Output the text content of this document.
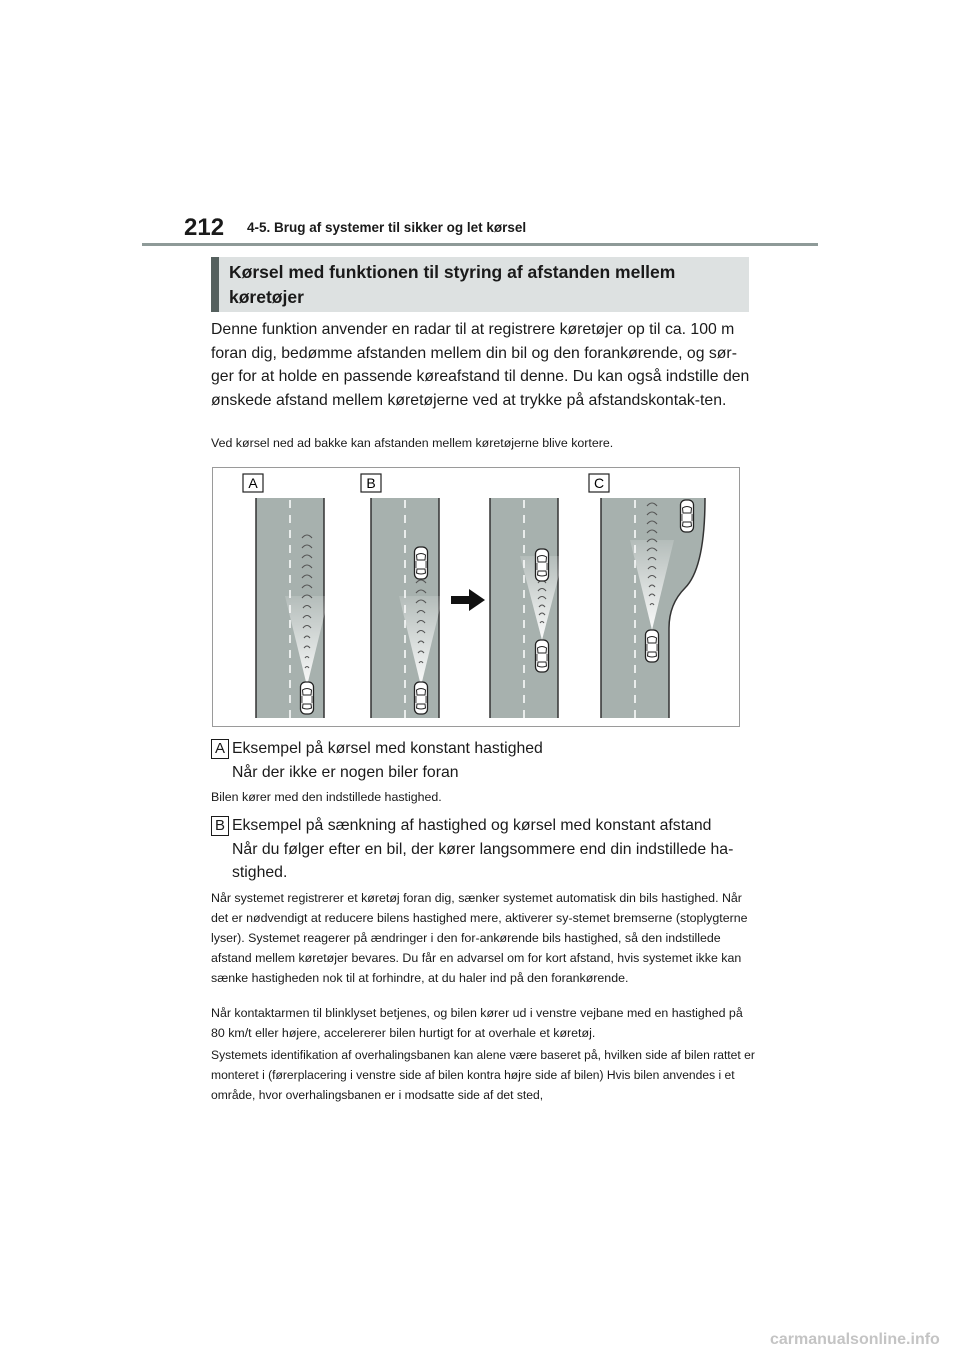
212 4-5. Brug af systemer til sikker og let kørsel
Kørsel med funktionen til styring af afstanden mellem
køretøjer

Denne funktion anvender en radar til at registrere køretøjer op til ca. 100 m foran dig, bedømme afstanden mellem din bil og den forankørende, og sør-ger for at holde en passende køreafstand til denne. Du kan også indstille den ønskede afstand mellem køretøjerne ved at trykke på afstandskontak-ten.

Ved kørsel ned ad bakke kan afstanden mellem køretøjerne blive kortere.

A	B	C
A Eksempel på kørsel med konstant hastighed
Når der ikke er nogen biler foran

Bilen kører med den indstillede hastighed.

B Eksempel på sænkning af hastighed og kørsel med konstant afstand

Når du følger efter en bil, der kører langsommere end din indstillede ha-stighed.

Når systemet registrerer et køretøj foran dig, sænker systemet automatisk din bils hastighed. Når det er nødvendigt at reducere bilens hastighed mere, aktiverer sy-stemet bremserne (stoplygterne lyser). Systemet reagerer på ændringer i den for-ankørende bils hastighed, så den indstillede afstand mellem køretøjer bevares. Du får en advarsel om for kort afstand, hvis systemet ikke kan sænke hastigheden nok til at forhindre, at du haler ind på den forankørende.

Når kontaktarmen til blinklyset betjenes, og bilen kører ud i venstre vejbane med en hastighed på 80 km/t eller højere, accelererer bilen hurtigt for at overhale et køretøj.

Systemets identifikation af overhalingsbanen kan alene være baseret på, hvilken side af bilen rattet er monteret i (førerplacering i venstre side af bilen kontra højre side af bilen) Hvis bilen anvendes i et område, hvor overhalingsbanen er i modsatte side af det sted,

carmanualsonline.info
